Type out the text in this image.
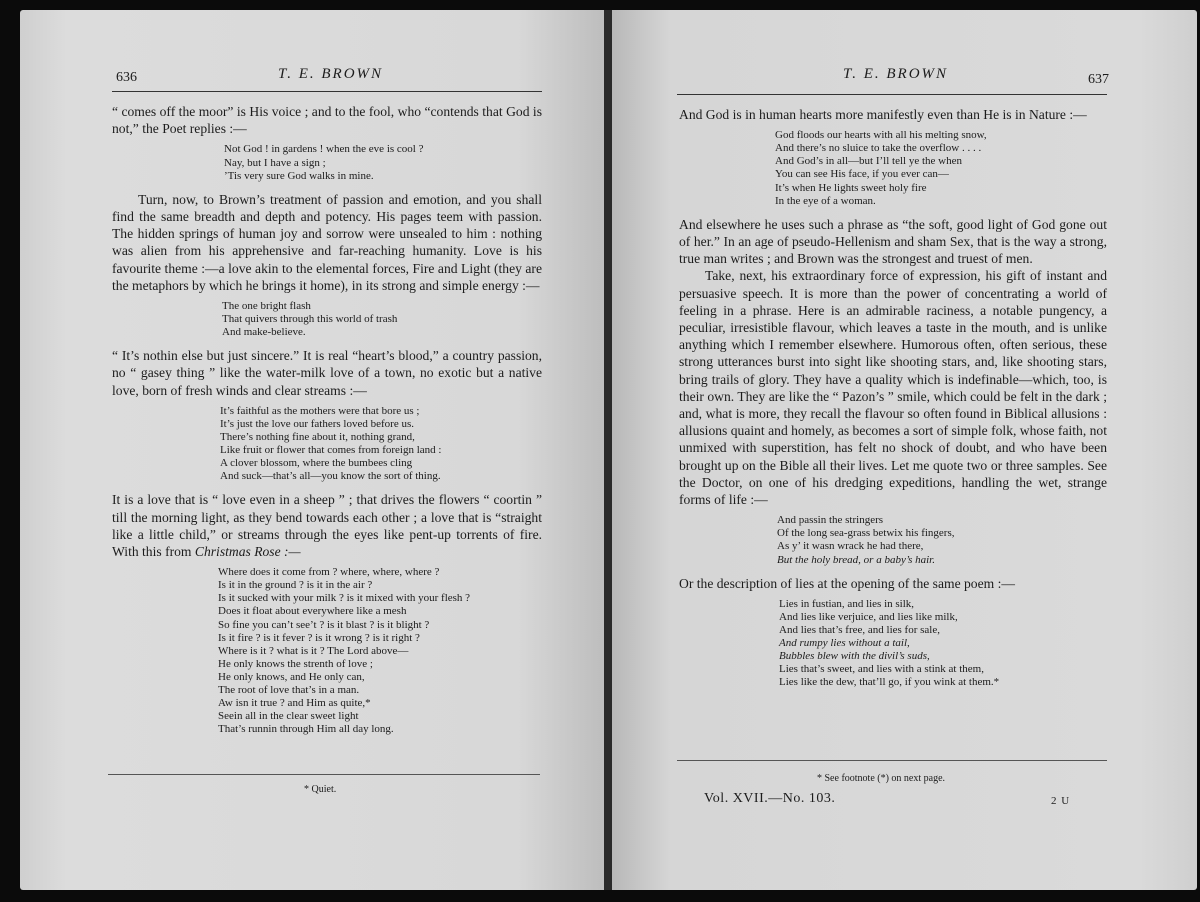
636	T. E. BROWN

“ comes off the moor” is His voice ; and to the fool, who “contends that God is not,” the Poet replies :—

Not God ! in gardens ! when the eve is cool ?
Nay, but I have a sign ;
’Tis very sure God walks in mine.

Turn, now, to Brown’s treatment of passion and emotion, and you shall find the same breadth and depth and potency. His pages teem with passion. The hidden springs of human joy and sorrow were unsealed to him : nothing was alien from his apprehensive and far-reaching humanity. Love is his favourite theme :—a love akin to the elemental forces, Fire and Light (they are the metaphors by which he brings it home), in its strong and simple energy :—

The one bright flash
That quivers through this world of trash
And make-believe.

“ It’s nothin else but just sincere.” It is real “heart’s blood,” a country passion, no “ gasey thing ” like the water-milk love of a town, no exotic but a native love, born of fresh winds and clear streams :—

It’s faithful as the mothers were that bore us ;
It’s just the love our fathers loved before us.
There’s nothing fine about it, nothing grand,
Like fruit or flower that comes from foreign land :
A clover blossom, where the bumbees cling
And suck—that’s all—you know the sort of thing.

It is a love that is “ love even in a sheep ” ; that drives the flowers “ coortin ” till the morning light, as they bend towards each other ; a love that is “straight like a little child,” or streams through the eyes like pent-up torrents of fire. With this from Christmas Rose :—

Where does it come from ? where, where, where ?
Is it in the ground ? is it in the air ?
Is it sucked with your milk ? is it mixed with your flesh ?
Does it float about everywhere like a mesh
So fine you can’t see’t ? is it blast ? is it blight ?
Is it fire ? is it fever ? is it wrong ? is it right ?
Where is it ? what is it ? The Lord above—
He only knows the strenth of love ;
He only knows, and He only can,
The root of love that’s in a man.
Aw isn it true ? and Him as quite,*
Seein all in the clear sweet light
That’s runnin through Him all day long.
* Quiet.
T. E. BROWN	637

And God is in human hearts more manifestly even than He is in Nature :—

God floods our hearts with all his melting snow,
And there’s no sluice to take the overflow . . . .
And God’s in all—but I’ll tell ye the when
You can see His face, if you ever can—
It’s when He lights sweet holy fire
In the eye of a woman.

And elsewhere he uses such a phrase as “the soft, good light of God gone out of her.” In an age of pseudo-Hellenism and sham Sex, that is the way a strong, true man writes ; and Brown was the strongest and truest of men.

Take, next, his extraordinary force of expression, his gift of instant and persuasive speech. It is more than the power of concentrating a world of feeling in a phrase. Here is an admirable raciness, a notable pungency, a peculiar, irresistible flavour, which leaves a taste in the mouth, and is unlike anything which I remember elsewhere. Humorous often, often serious, these strong utterances burst into sight like shooting stars, and, like shooting stars, bring trails of glory. They have a quality which is indefinable—which, too, is their own. They are like the “ Pazon’s ” smile, which could be felt in the dark ; and, what is more, they recall the flavour so often found in Biblical allusions : allusions quaint and homely, as becomes a sort of simple folk, whose faith, not unmixed with superstition, has felt no shock of doubt, and who have been brought up on the Bible all their lives. Let me quote two or three samples. See the Doctor, on one of his dredging expeditions, handling the wet, strange forms of life :—

And passin the stringers
Of the long sea-grass betwix his fingers,
As y’ it wasn wrack he had there,
But the holy bread, or a baby’s hair.

Or the description of lies at the opening of the same poem :—

Lies in fustian, and lies in silk,
And lies like verjuice, and lies like milk,
And lies that’s free, and lies for sale,
And rumpy lies without a tail,
Bubbles blew with the divil’s suds,
Lies that’s sweet, and lies with a stink at them,
Lies like the dew, that’ll go, if you wink at them.*
* See footnote (*) on next page.
Vol. XVII.—No. 103.	2 U
